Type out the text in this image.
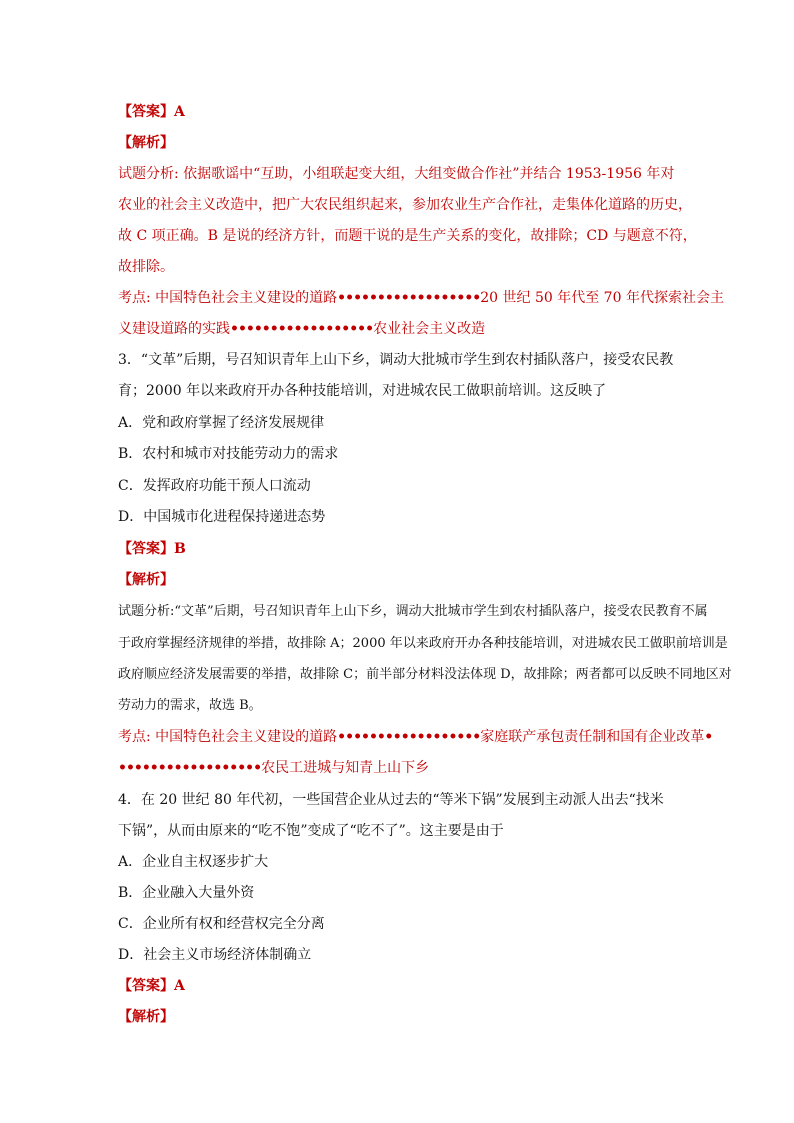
【答案】A
【解析】
试题分析: 依据歌谣中“互助，小组联起变大组，大组变做合作社”并结合 1953-1956 年对
农业的社会主义改造中，把广大农民组织起来，参加农业生产合作社，走集体化道路的历史，
故 C 项正确。B 是说的经济方针，而题干说的是生产关系的变化，故排除；CD 与题意不符，
故排除。
考点: 中国特色社会主义建设的道路••••••••••••••••••20 世纪 50 年代至 70 年代探索社会主
义建设道路的实践••••••••••••••••••农业社会主义改造
3．“文革”后期，号召知识青年上山下乡，调动大批城市学生到农村插队落户，接受农民教
育；2000 年以来政府开办各种技能培训，对进城农民工做职前培训。这反映了
A．党和政府掌握了经济发展规律
B．农村和城市对技能劳动力的需求
C．发挥政府功能干预人口流动
D．中国城市化进程保持递进态势
【答案】B
【解析】
试题分析:“文革”后期，号召知识青年上山下乡，调动大批城市学生到农村插队落户，接受农民教育不属
于政府掌握经济规律的举措，故排除 A；2000 年以来政府开办各种技能培训，对进城农民工做职前培训是
政府顺应经济发展需要的举措，故排除 C；前半部分材料没法体现 D，故排除；两者都可以反映不同地区对
劳动力的需求，故选 B。
考点: 中国特色社会主义建设的道路••••••••••••••••••家庭联产承包责任制和国有企业改革•
••••••••••••••••••农民工进城与知青上山下乡
4．在 20 世纪 80 年代初，一些国营企业从过去的“等米下锅”发展到主动派人出去“找米
下锅”，从而由原来的“吃不饱”变成了“吃不了”。这主要是由于
A．企业自主权逐步扩大
B．企业融入大量外资
C．企业所有权和经营权完全分离
D．社会主义市场经济体制确立
【答案】A
【解析】
